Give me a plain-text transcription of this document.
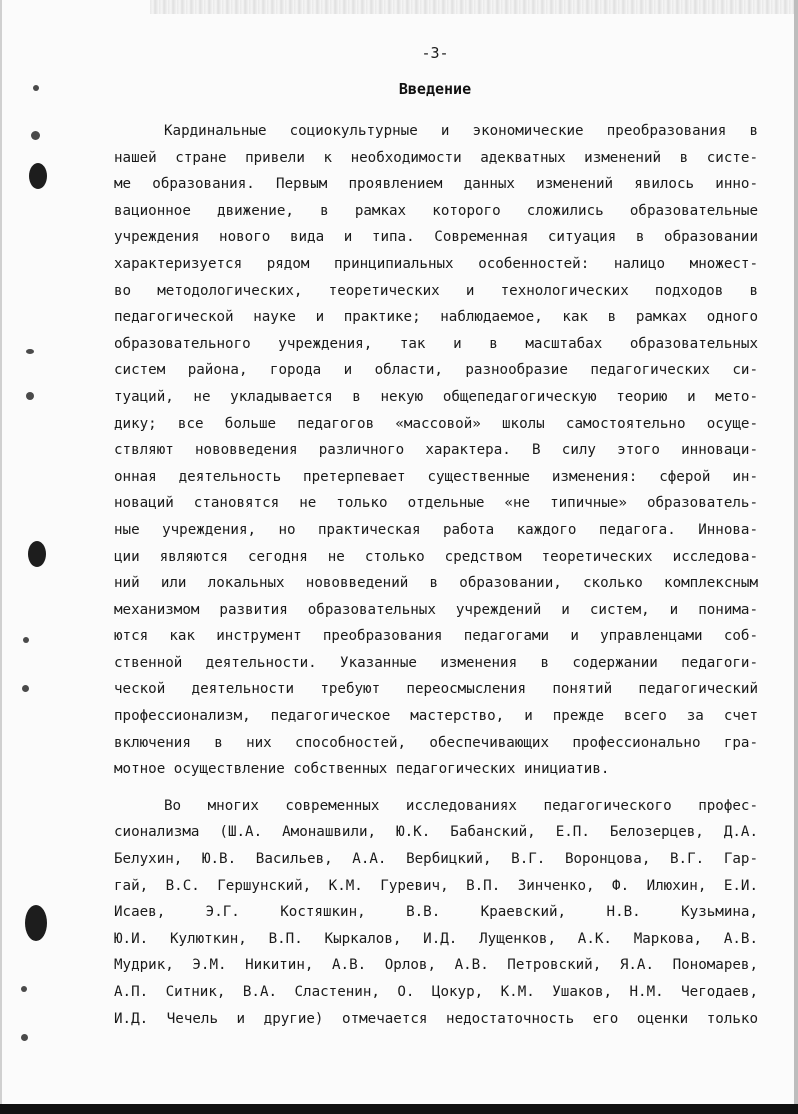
-3-
Введение
Кардинальные социокультурные и экономические преобразования в
нашей стране привели к необходимости адекватных изменений в систе-
ме образования. Первым проявлением данных изменений явилось инно-
вационное движение, в рамках которого сложились образовательные
учреждения нового вида и типа. Современная ситуация в образовании
характеризуется рядом принципиальных особенностей: налицо множест-
во методологических, теоретических и технологических подходов в
педагогической науке и практике; наблюдаемое, как в рамках одного
образовательного учреждения, так и в масштабах образовательных
систем района, города и области, разнообразие педагогических си-
туаций, не укладывается в некую общепедагогическую теорию и мето-
дику; все больше педагогов «массовой» школы самостоятельно осуще-
ствляют нововведения различного характера. В силу этого инноваци-
онная деятельность претерпевает существенные изменения: сферой ин-
новаций становятся не только отдельные «не типичные» образователь-
ные учреждения, но практическая работа каждого педагога. Иннова-
ции являются сегодня не столько средством теоретических исследова-
ний или локальных нововведений в образовании, сколько комплексным
механизмом развития образовательных учреждений и систем, и понима-
ются как инструмент преобразования педагогами и управленцами соб-
ственной деятельности. Указанные изменения в содержании педагоги-
ческой деятельности требуют переосмысления понятий педагогический
профессионализм, педагогическое мастерство, и прежде всего за счет
включения в них способностей, обеспечивающих профессионально гра-
мотное осуществление собственных педагогических инициатив.
Во многих современных исследованиях педагогического профес-
сионализма (Ш.А. Амонашвили, Ю.К. Бабанский, Е.П. Белозерцев, Д.А.
Белухин, Ю.В. Васильев, А.А. Вербицкий, В.Г. Воронцова, В.Г. Гар-
гай, В.С. Гершунский, К.М. Гуревич, В.П. Зинченко, Ф. Илюхин, Е.И.
Исаев, Э.Г. Костяшкин, В.В. Краевский, Н.В. Кузьмина,
Ю.И. Кулюткин, В.П. Кыркалов, И.Д. Лущенков, А.К. Маркова, А.В.
Мудрик, Э.М. Никитин, А.В. Орлов, А.В. Петровский, Я.А. Пономарев,
А.П. Ситник, В.А. Сластенин, О. Цокур, К.М. Ушаков, Н.М. Чегодаев,
И.Д. Чечель и другие) отмечается недостаточность его оценки только
